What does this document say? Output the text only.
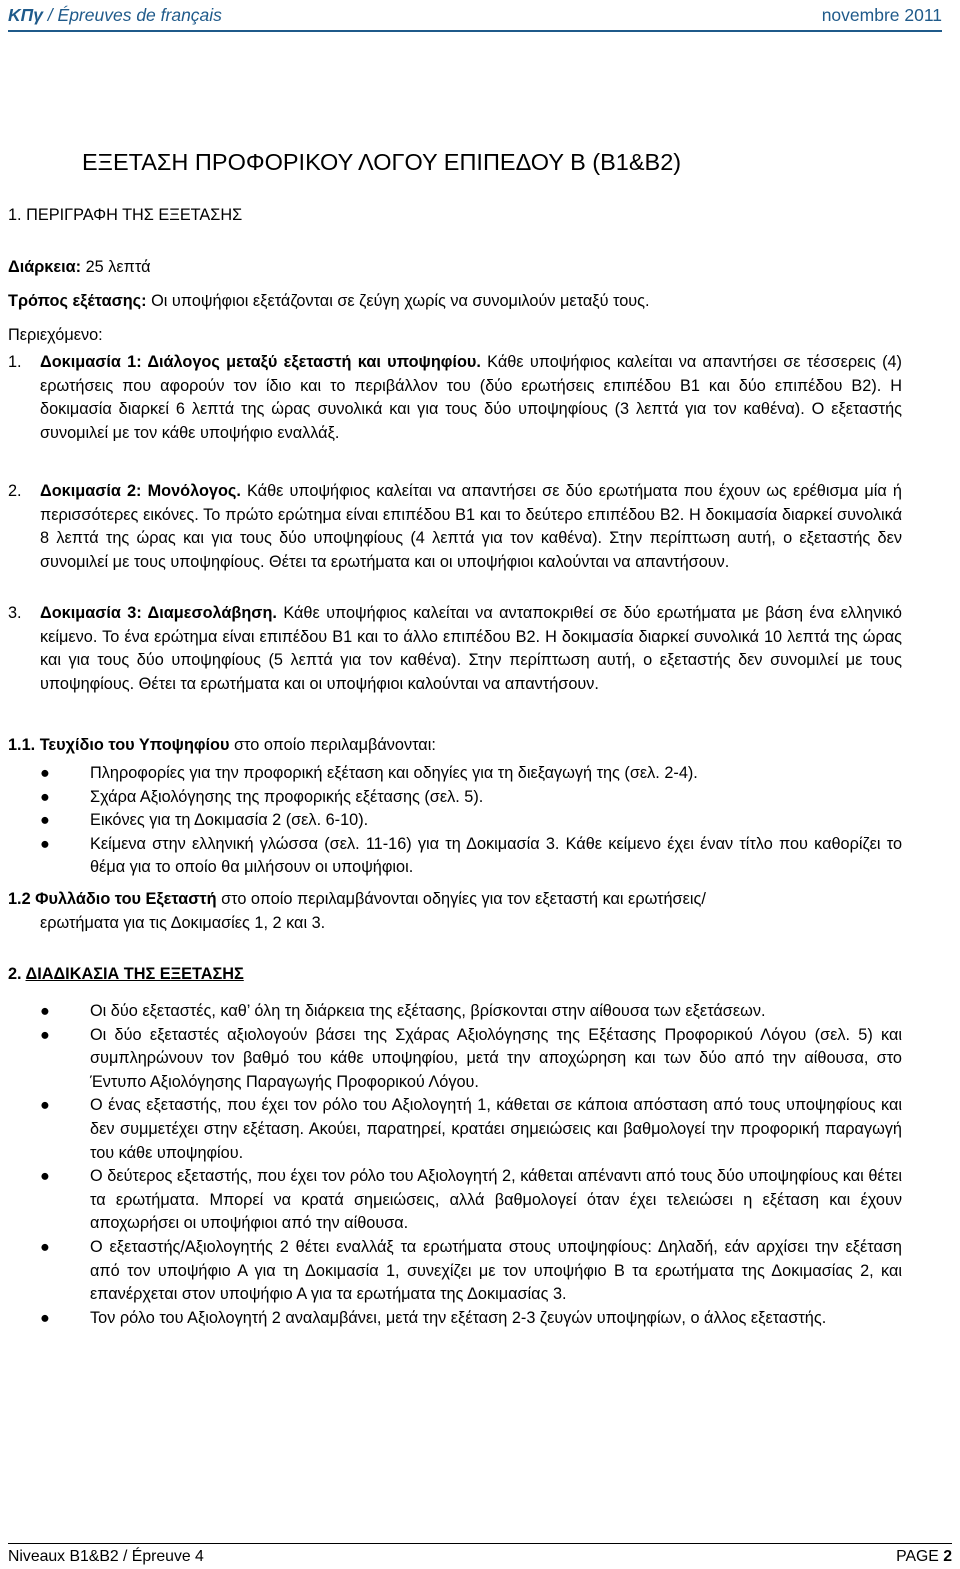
ΚΠγ / Épreuves de français	novembre 2011
ΕΞΕΤΑΣΗ ΠΡΟΦΟΡΙΚΟΥ ΛΟΓΟΥ ΕΠΙΠΕΔΟΥ Β (Β1&Β2)
1. ΠΕΡΙΓΡΑΦΗ ΤΗΣ ΕΞΕΤΑΣΗΣ
Διάρκεια: 25 λεπτά
Τρόπος εξέτασης: Οι υποψήφιοι εξετάζονται σε ζεύγη χωρίς να συνομιλούν μεταξύ τους.
Περιεχόμενο:
1. Δοκιμασία 1: Διάλογος μεταξύ εξεταστή και υποψηφίου. Κάθε υποψήφιος καλείται να απαντήσει σε τέσσερεις (4) ερωτήσεις που αφορούν τον ίδιο και το περιβάλλον του (δύο ερωτήσεις επιπέδου Β1 και δύο επιπέδου Β2). Η δοκιμασία διαρκεί 6 λεπτά της ώρας συνολικά και για τους δύο υποψηφίους (3 λεπτά για τον καθένα). Ο εξεταστής συνομιλεί με τον κάθε υποψήφιο εναλλάξ.

2. Δοκιμασία 2: Μονόλογος. Κάθε υποψήφιος καλείται να απαντήσει σε δύο ερωτήματα που έχουν ως ερέθισμα μία ή περισσότερες εικόνες. Το πρώτο ερώτημα είναι επιπέδου Β1 και το δεύτερο επιπέδου Β2. Η δοκιμασία διαρκεί συνολικά 8 λεπτά της ώρας και για τους δύο υποψηφίους (4 λεπτά για τον καθένα). Στην περίπτωση αυτή, ο εξεταστής δεν συνομιλεί με τους υποψηφίους. Θέτει τα ερωτήματα και οι υποψήφιοι καλούνται να απαντήσουν.

3. Δοκιμασία 3: Διαμεσολάβηση. Κάθε υποψήφιος καλείται να ανταποκριθεί σε δύο ερωτήματα με βάση ένα ελληνικό κείμενο. Το ένα ερώτημα είναι επιπέδου Β1 και το άλλο επιπέδου Β2. Η δοκιμασία διαρκεί συνολικά 10 λεπτά της ώρας και για τους δύο υποψηφίους (5 λεπτά για τον καθένα). Στην περίπτωση αυτή, ο εξεταστής δεν συνομιλεί με τους υποψηφίους. Θέτει τα ερωτήματα και οι υποψήφιοι καλούνται να απαντήσουν.

1.1. Τευχίδιο του Υποψηφίου στο οποίο περιλαμβάνονται:
● Πληροφορίες για την προφορική εξέταση και οδηγίες για τη διεξαγωγή της (σελ. 2-4).
● Σχάρα Αξιολόγησης της προφορικής εξέτασης (σελ. 5).
● Εικόνες για τη Δοκιμασία 2 (σελ. 6-10).
● Κείμενα στην ελληνική γλώσσα (σελ. 11-16) για τη Δοκιμασία 3. Κάθε κείμενο έχει έναν τίτλο που καθορίζει το θέμα για το οποίο θα μιλήσουν οι υποψήφιοι.
1.2 Φυλλάδιο του Εξεταστή στο οποίο περιλαμβάνονται οδηγίες για τον εξεταστή και ερωτήσεις/
ερωτήματα για τις Δοκιμασίες 1, 2 και 3.
2. ΔΙΑΔΙΚΑΣΙΑ ΤΗΣ ΕΞΕΤΑΣΗΣ
● Οι δύο εξεταστές, καθ’ όλη τη διάρκεια της εξέτασης, βρίσκονται στην αίθουσα των εξετάσεων.
● Οι δύο εξεταστές αξιολογούν βάσει της Σχάρας Αξιολόγησης της Εξέτασης Προφορικού Λόγου (σελ. 5) και συμπληρώνουν τον βαθμό του κάθε υποψηφίου, μετά την αποχώρηση και των δύο από την αίθουσα, στο Έντυπο Αξιολόγησης Παραγωγής Προφορικού Λόγου.
● Ο ένας εξεταστής, που έχει τον ρόλο του Αξιολογητή 1, κάθεται σε κάποια απόσταση από τους υποψηφίους και δεν συμμετέχει στην εξέταση. Ακούει, παρατηρεί, κρατάει σημειώσεις και βαθμολογεί την προφορική παραγωγή του κάθε υποψηφίου.
● Ο δεύτερος εξεταστής, που έχει τον ρόλο του Αξιολογητή 2, κάθεται απέναντι από τους δύο υποψηφίους και θέτει τα ερωτήματα. Μπορεί να κρατά σημειώσεις, αλλά βαθμολογεί όταν έχει τελειώσει η εξέταση και έχουν αποχωρήσει οι υποψήφιοι από την αίθουσα.
● Ο εξεταστής/Αξιολογητής 2 θέτει εναλλάξ τα ερωτήματα στους υποψηφίους: Δηλαδή, εάν αρχίσει την εξέταση από τον υποψήφιο Α για τη Δοκιμασία 1, συνεχίζει με τον υποψήφιο Β τα ερωτήματα της Δοκιμασίας 2, και επανέρχεται στον υποψήφιο Α για τα ερωτήματα της Δοκιμασίας 3.
● Τον ρόλο του Αξιολογητή 2 αναλαμβάνει, μετά την εξέταση 2-3 ζευγών υποψηφίων, ο άλλος εξεταστής.
Niveaux B1&B2 / Épreuve 4	PAGE 2
